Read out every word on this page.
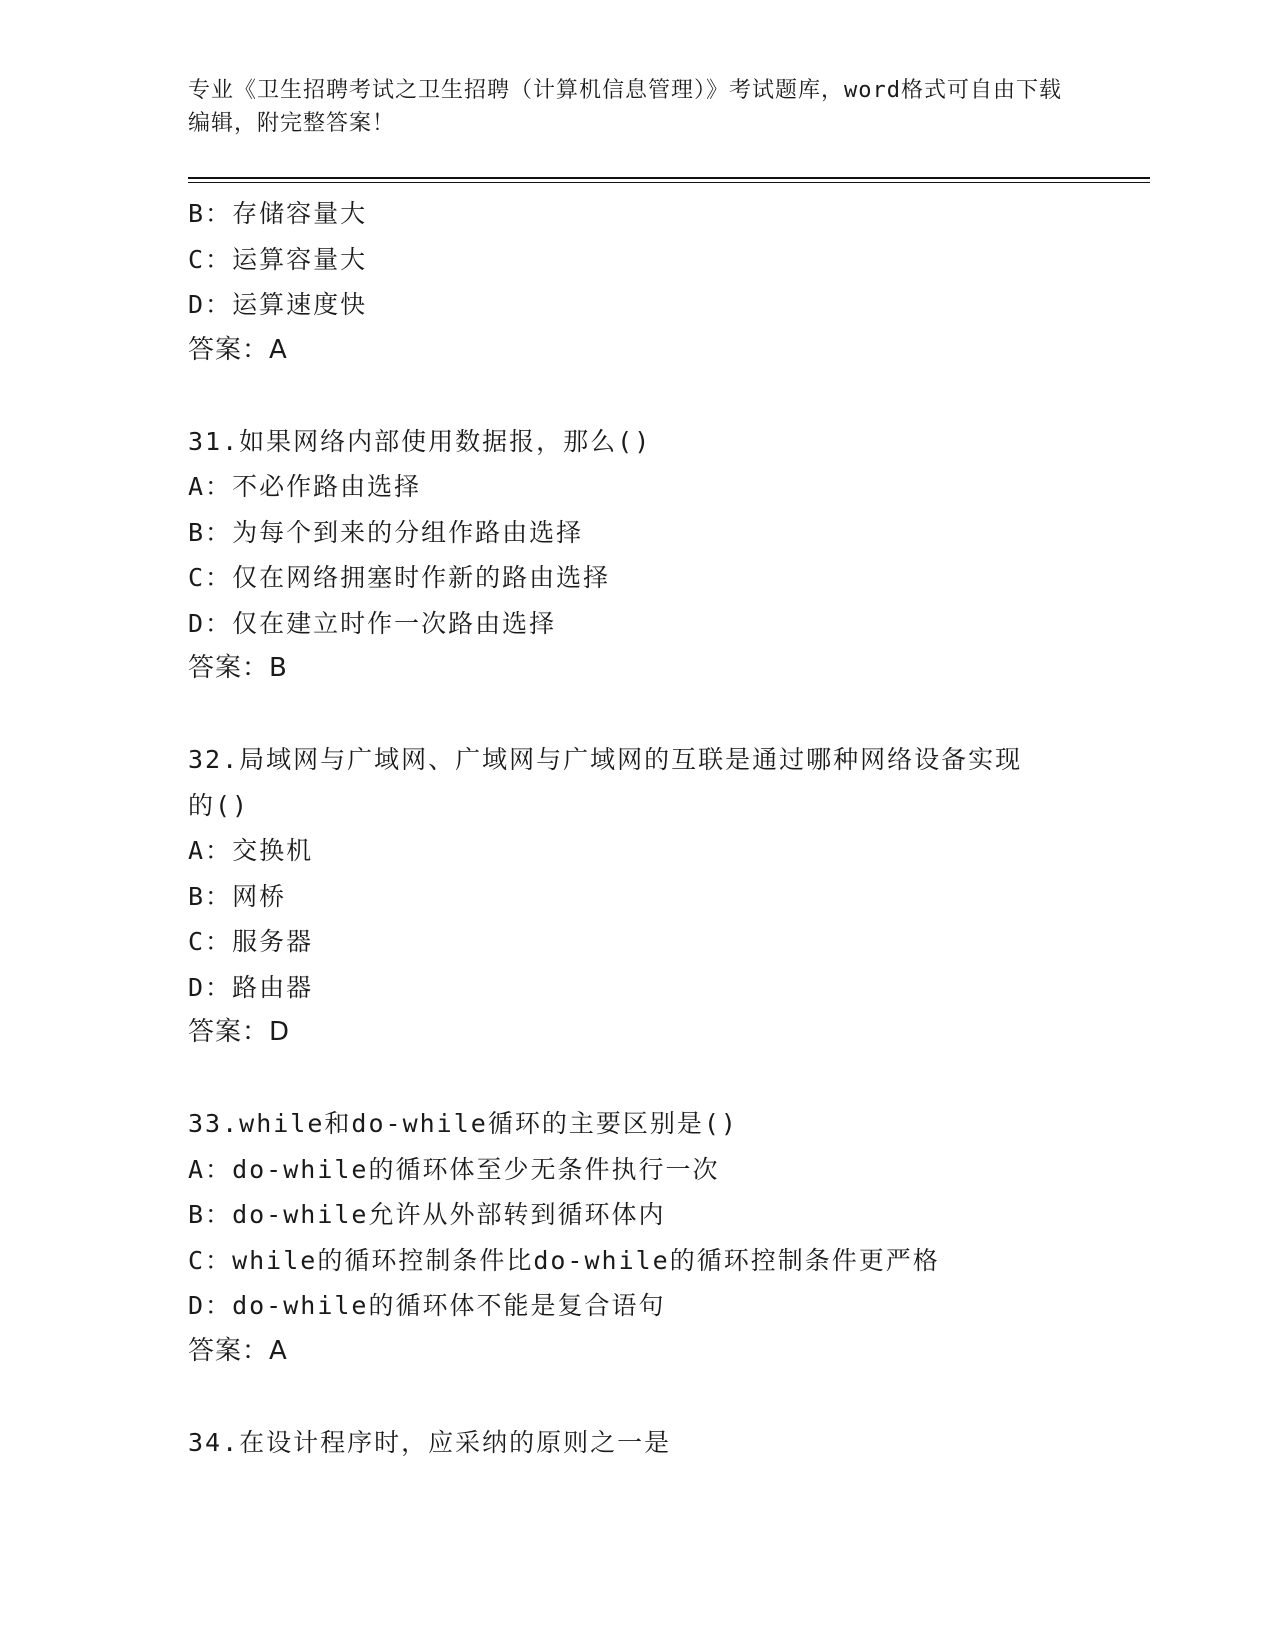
专业《卫生招聘考试之卫生招聘（计算机信息管理）》考试题库，word格式可自由下载编辑，附完整答案！
B：存储容量大
C：运算容量大
D：运算速度快
答案：A
31.如果网络内部使用数据报，那么()
A：不必作路由选择
B：为每个到来的分组作路由选择
C：仅在网络拥塞时作新的路由选择
D：仅在建立时作一次路由选择
答案：B
32.局域网与广域网、广域网与广域网的互联是通过哪种网络设备实现的()
A：交换机
B：网桥
C：服务器
D：路由器
答案：D
33.while和do-while循环的主要区别是()
A：do-while的循环体至少无条件执行一次
B：do-while允许从外部转到循环体内
C：while的循环控制条件比do-while的循环控制条件更严格
D：do-while的循环体不能是复合语句
答案：A
34.在设计程序时，应采纳的原则之一是
